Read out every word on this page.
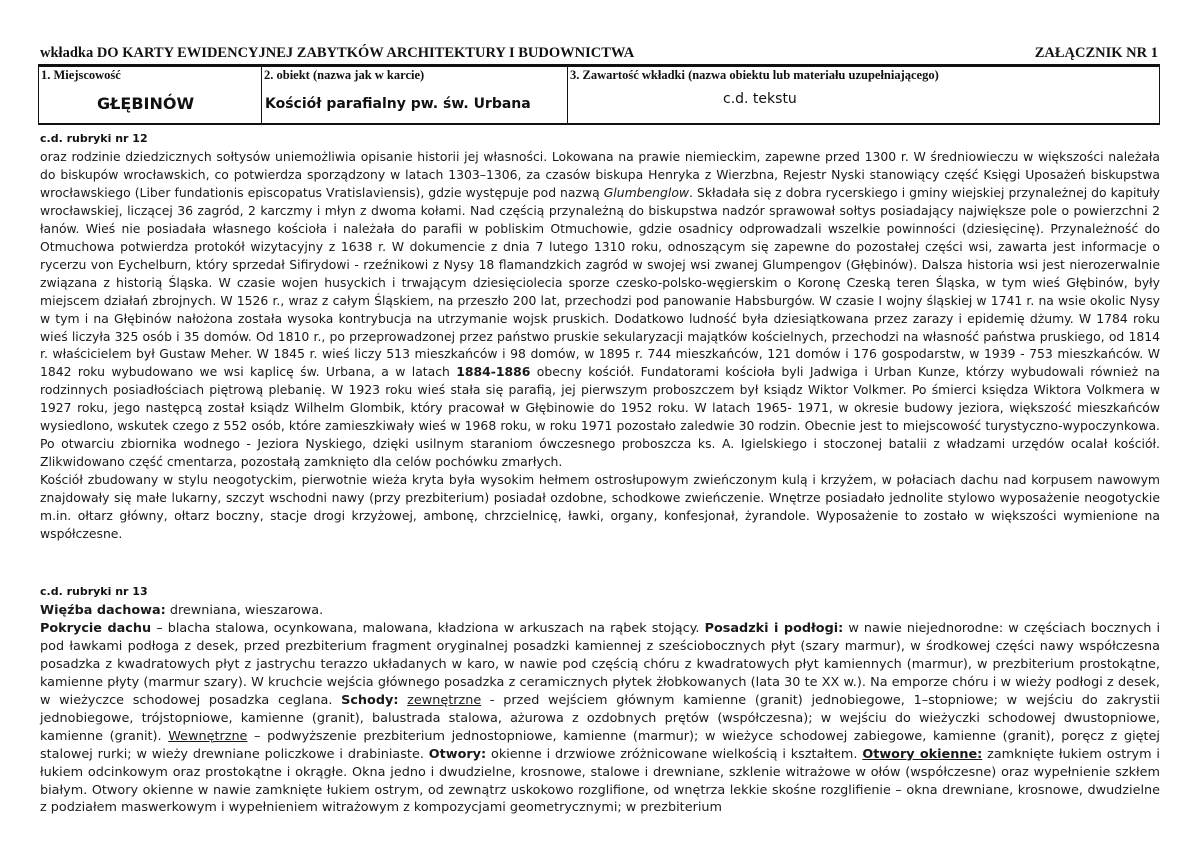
wkładka DO KARTY EWIDENCYJNEJ ZABYTKÓW ARCHITEKTURY I BUDOWNICTWA	ZAŁĄCZNIK NR 1
1. Miejscowość
GŁĘBINÓW
2. obiekt (nazwa jak w karcie)
Kościół parafialny pw. św. Urbana
3. Zawartość wkładki (nazwa obiektu lub materiału uzupełniającego)
c.d. tekstu
c.d. rubryki nr 12

oraz rodzinie dziedzicznych sołtysów uniemożliwia opisanie historii jej własności. Lokowana na prawie niemieckim, zapewne przed 1300 r. W średniowieczu w większości należała do biskupów wrocławskich, co potwierdza sporządzony w latach 1303–1306, za czasów biskupa Henryka z Wierzbna, Rejestr Nyski stanowiący część Księgi Uposażeń biskupstwa wrocławskiego (Liber fundationis episcopatus Vratislaviensis), gdzie występuje pod nazwą Glumbenglow. Składała się z dobra rycerskiego i gminy wiejskiej przynależnej do kapituły wrocławskiej, liczącej 36 zagród, 2 karczmy i młyn z dwoma kołami. Nad częścią przynależną do biskupstwa nadzór sprawował sołtys posiadający największe pole o powierzchni 2 łanów. Wieś nie posiadała własnego kościoła i należała do parafii w pobliskim Otmuchowie, gdzie osadnicy odprowadzali wszelkie powinności (dziesięcinę). Przynależność do Otmuchowa potwierdza protokół wizytacyjny z 1638 r. W dokumencie z dnia 7 lutego 1310 roku, odnoszącym się zapewne do pozostałej części wsi, zawarta jest informacje o rycerzu von Eychelburn, który sprzedał Sifirydowi - rzeźnikowi z Nysy 18 flamandzkich zagród w swojej wsi zwanej Glumpengov (Głębinów). Dalsza historia wsi jest nierozerwalnie związana z historią Śląska. W czasie wojen husyckich i trwającym dziesięciolecia sporze czesko-polsko-węgierskim o Koronę Czeską teren Śląska, w tym wieś Głębinów, były miejscem działań zbrojnych. W 1526 r., wraz z całym Śląskiem, na przeszło 200 lat, przechodzi pod panowanie Habsburgów. W czasie I wojny śląskiej w 1741 r. na wsie okolic Nysy w tym i na Głębinów nałożona została wysoka kontrybucja na utrzymanie wojsk pruskich. Dodatkowo ludność była dziesiątkowana przez zarazy i epidemię dżumy. W 1784 roku wieś liczyła 325 osób i 35 domów. Od 1810 r., po przeprowadzonej przez państwo pruskie sekularyzacji majątków kościelnych, przechodzi na własność państwa pruskiego, od 1814 r. właścicielem był Gustaw Meher. W 1845 r. wieś liczy 513 mieszkańców i 98 domów, w 1895 r. 744 mieszkańców, 121 domów i 176 gospodarstw, w 1939 - 753 mieszkańców. W 1842 roku wybudowano we wsi kaplicę św. Urbana, a w latach 1884-1886 obecny kościół. Fundatorami kościoła byli Jadwiga i Urban Kunze, którzy wybudowali również na rodzinnych posiadłościach piętrową plebanię. W 1923 roku wieś stała się parafią, jej pierwszym proboszczem był ksiądz Wiktor Volkmer. Po śmierci księdza Wiktora Volkmera w 1927 roku, jego następcą został ksiądz Wilhelm Glombik, który pracował w Głębinowie do 1952 roku. W latach 1965- 1971, w okresie budowy jeziora, większość mieszkańców wysiedlono, wskutek czego z 552 osób, które zamieszkiwały wieś w 1968 roku, w roku 1971 pozostało zaledwie 30 rodzin. Obecnie jest to miejscowość turystyczno-wypoczynkowa. Po otwarciu zbiornika wodnego - Jeziora Nyskiego, dzięki usilnym staraniom ówczesnego proboszcza ks. A. Igielskiego i stoczonej batalii z władzami urzędów ocalał kościół. Zlikwidowano część cmentarza, pozostałą zamknięto dla celów pochówku zmarłych.

Kościół zbudowany w stylu neogotyckim, pierwotnie wieża kryta była wysokim hełmem ostrosłupowym zwieńczonym kulą i krzyżem, w połaciach dachu nad korpusem nawowym znajdowały się małe lukarny, szczyt wschodni nawy (przy prezbiterium) posiadał ozdobne, schodkowe zwieńczenie. Wnętrze posiadało jednolite stylowo wyposażenie neogotyckie m.in. ołtarz główny, ołtarz boczny, stacje drogi krzyżowej, ambonę, chrzcielnicę, ławki, organy, konfesjonał, żyrandole. Wyposażenie to zostało w większości wymienione na współczesne.

c.d. rubryki nr 13

Więźba dachowa: drewniana, wieszarowa.

Pokrycie dachu – blacha stalowa, ocynkowana, malowana, kładziona w arkuszach na rąbek stojący. Posadzki i podłogi: w nawie niejednorodne: w częściach bocznych i pod ławkami podłoga z desek, przed prezbiterium fragment oryginalnej posadzki kamiennej z sześciobocznych płyt (szary marmur), w środkowej części nawy współczesna posadzka z kwadratowych płyt z jastrychu terazzo układanych w karo, w nawie pod częścią chóru z kwadratowych płyt kamiennych (marmur), w prezbiterium prostokątne, kamienne płyty (marmur szary). W kruchcie wejścia głównego posadzka z ceramicznych płytek żłobkowanych (lata 30 te XX w.). Na emporze chóru i w wieży podłogi z desek, w wieżyczce schodowej posadzka ceglana. Schody: zewnętrzne - przed wejściem głównym kamienne (granit) jednobiegowe, 1–stopniowe; w wejściu do zakrystii jednobiegowe, trójstopniowe, kamienne (granit), balustrada stalowa, ażurowa z ozdobnych prętów (współczesna); w wejściu do wieżyczki schodowej dwustopniowe, kamienne (granit). Wewnętrzne – podwyższenie prezbiterium jednostopniowe, kamienne (marmur); w wieżyce schodowej zabiegowe, kamienne (granit), poręcz z giętej stalowej rurki; w wieży drewniane policzkowe i drabiniaste. Otwory: okienne i drzwiowe zróżnicowane wielkością i kształtem. Otwory okienne: zamknięte łukiem ostrym i łukiem odcinkowym oraz prostokątne i okrągłe. Okna jedno i dwudzielne, krosnowe, stalowe i drewniane, szklenie witrażowe w ołów (współczesne) oraz wypełnienie szkłem białym. Otwory okienne w nawie zamknięte łukiem ostrym, od zewnątrz uskokowo rozglifione, od wnętrza lekkie skośne rozglifienie – okna drewniane, krosnowe, dwudzielne z podziałem maswerkowym i wypełnieniem witrażowym z kompozycjami geometrycznymi; w prezbiterium
